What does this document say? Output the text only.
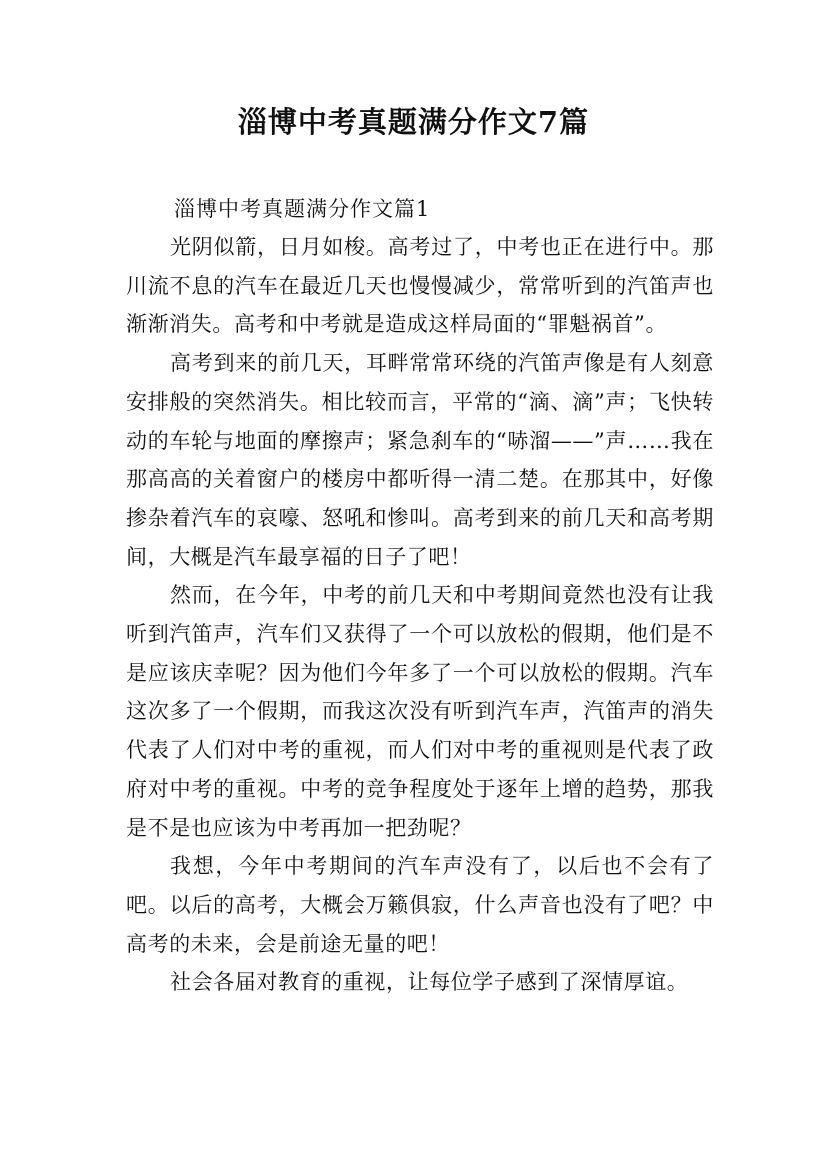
淄博中考真题满分作文7篇
淄博中考真题满分作文篇1

光阴似箭，日月如梭。高考过了，中考也正在进行中。那川流不息的汽车在最近几天也慢慢减少，常常听到的汽笛声也渐渐消失。高考和中考就是造成这样局面的“罪魁祸首”。

高考到来的前几天，耳畔常常环绕的汽笛声像是有人刻意安排般的突然消失。相比较而言，平常的“滴、滴”声；飞快转动的车轮与地面的摩擦声；紧急刹车的“哧溜——”声……我在那高高的关着窗户的楼房中都听得一清二楚。在那其中，好像掺杂着汽车的哀嚎、怒吼和惨叫。高考到来的前几天和高考期间，大概是汽车最享福的日子了吧！

然而，在今年，中考的前几天和中考期间竟然也没有让我听到汽笛声，汽车们又获得了一个可以放松的假期，他们是不是应该庆幸呢？因为他们今年多了一个可以放松的假期。汽车这次多了一个假期，而我这次没有听到汽车声，汽笛声的消失代表了人们对中考的重视，而人们对中考的重视则是代表了政府对中考的重视。中考的竞争程度处于逐年上增的趋势，那我是不是也应该为中考再加一把劲呢？

我想，今年中考期间的汽车声没有了，以后也不会有了吧。以后的高考，大概会万籁俱寂，什么声音也没有了吧？中高考的未来，会是前途无量的吧！

社会各届对教育的重视，让每位学子感到了深情厚谊。
